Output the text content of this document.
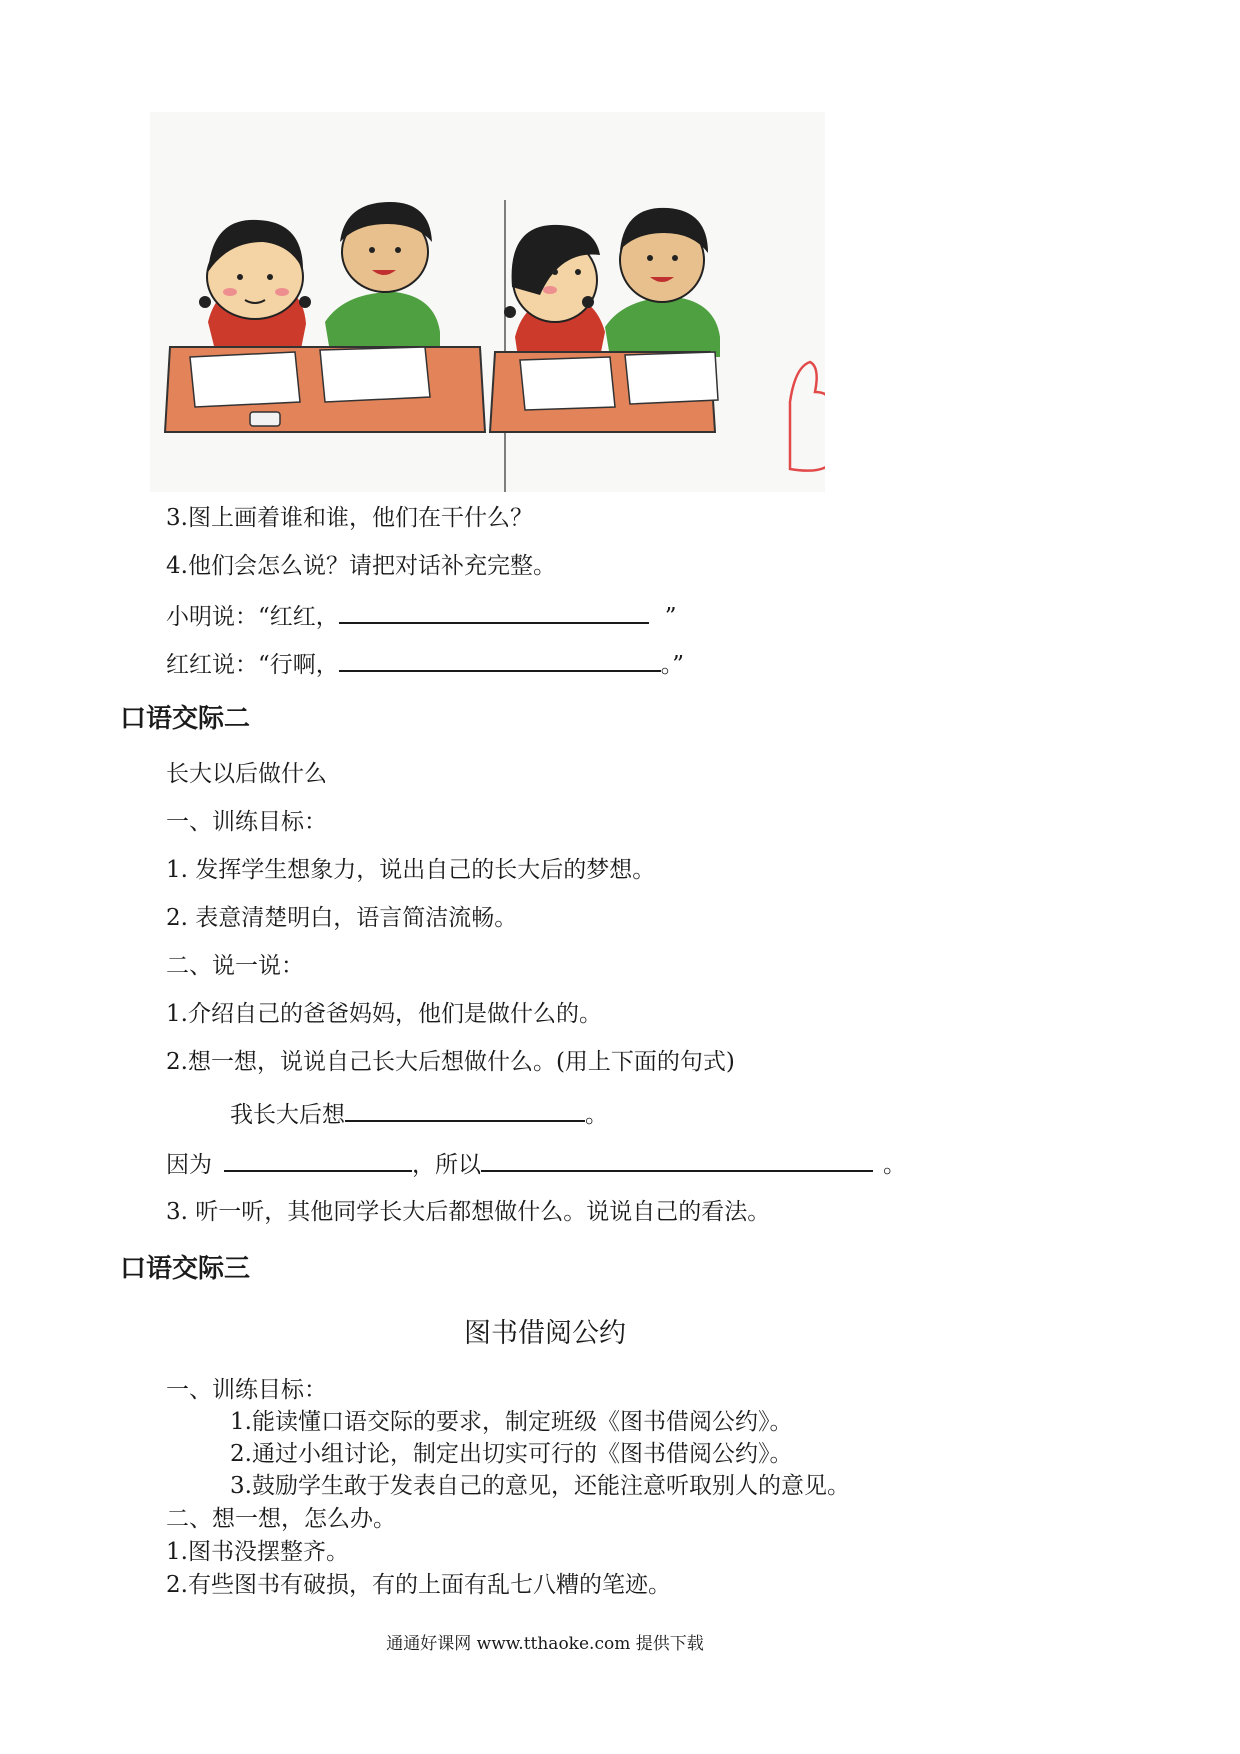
3.图上画着谁和谁，他们在干什么？
4.他们会怎么说？请把对话补充完整。
小明说：“红红，	”
红红说：“行啊，	。”
口语交际二
长大以后做什么
一、训练目标：
1. 发挥学生想象力，说出自己的长大后的梦想。
2. 表意清楚明白，语言简洁流畅。
二、说一说：
1.介绍自己的爸爸妈妈，他们是做什么的。
2.想一想，说说自己长大后想做什么。(用上下面的句式)
我长大后想	。
因为	，所以	。
3. 听一听，其他同学长大后都想做什么。说说自己的看法。
口语交际三
图书借阅公约
一、训练目标：
1.能读懂口语交际的要求，制定班级《图书借阅公约》。
2.通过小组讨论，制定出切实可行的《图书借阅公约》。
3.鼓励学生敢于发表自己的意见，还能注意听取别人的意见。
二、想一想，怎么办。
1.图书没摆整齐。
2.有些图书有破损，有的上面有乱七八糟的笔迹。
通通好课网 www.tthaoke.com 提供下载
